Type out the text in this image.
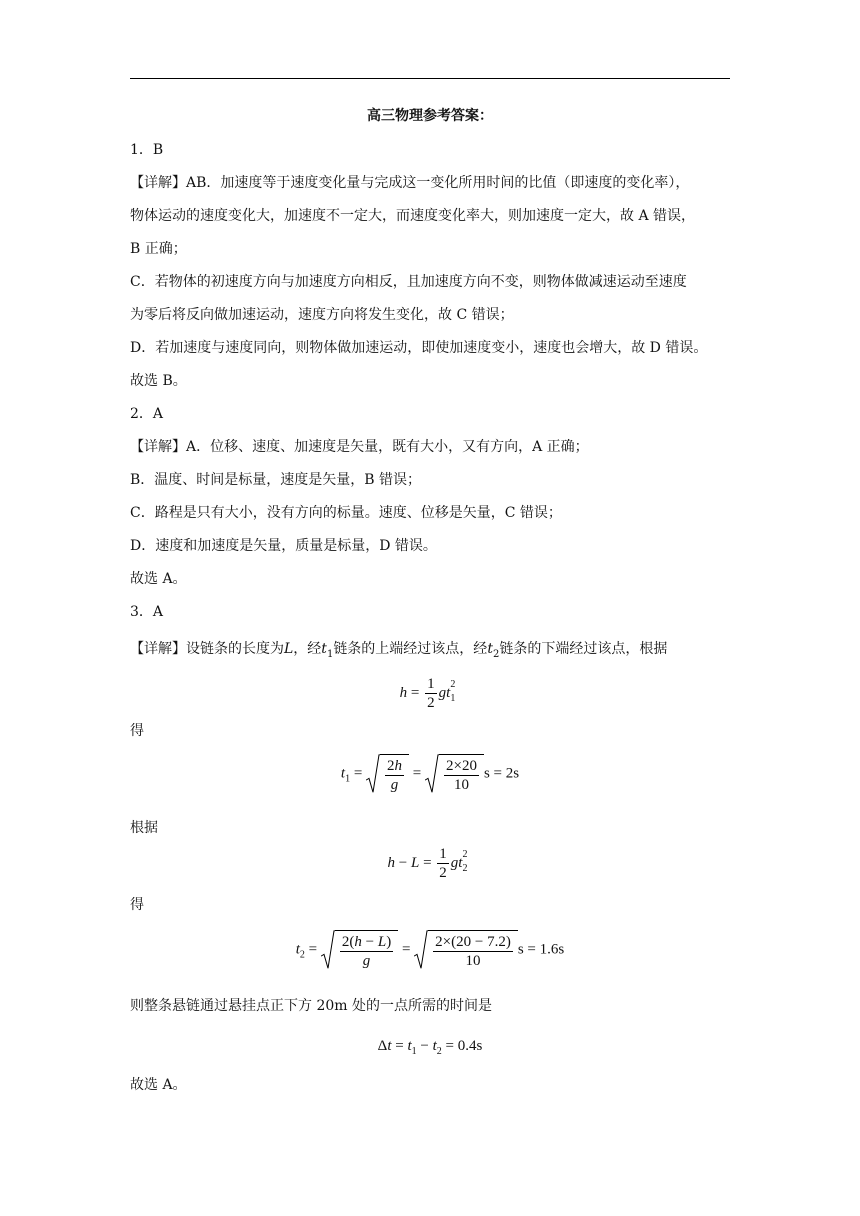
高三物理参考答案：
1．B
【详解】AB．加速度等于速度变化量与完成这一变化所用时间的比值（即速度的变化率），
物体运动的速度变化大，加速度不一定大，而速度变化率大，则加速度一定大，故 A 错误，
B 正确；
C．若物体的初速度方向与加速度方向相反，且加速度方向不变，则物体做减速运动至速度
为零后将反向做加速运动，速度方向将发生变化，故 C 错误；
D．若加速度与速度同向，则物体做加速运动，即使加速度变小，速度也会增大，故 D 错误。
故选 B。
2．A
【详解】A．位移、速度、加速度是矢量，既有大小，又有方向，A 正确；
B．温度、时间是标量，速度是矢量，B 错误；
C．路程是只有大小，没有方向的标量。速度、位移是矢量，C 错误；
D．速度和加速度是矢量，质量是标量，D 错误。
故选 A。
3．A
【详解】设链条的长度为L，经$t_1$链条的上端经过该点，经$t_2$链条的下端经过该点，根据
$h = \frac{1}{2} gt_1^2$
得
$t_1 = \frac{2h}{g} = \frac{2\times 20}{10}$ s = 2s
根据
$h - L = \frac{1}{2} gt_2^2$
得
$t_2 = \frac{2(h - L)}{g} = \frac{2\times(20 - 7.2)}{10}$ s = 1.6s
则整条悬链通过悬挂点正下方 20m 处的一点所需的时间是
$\Delta t = t_1 - t_2 = 0.4s$
故选 A。
